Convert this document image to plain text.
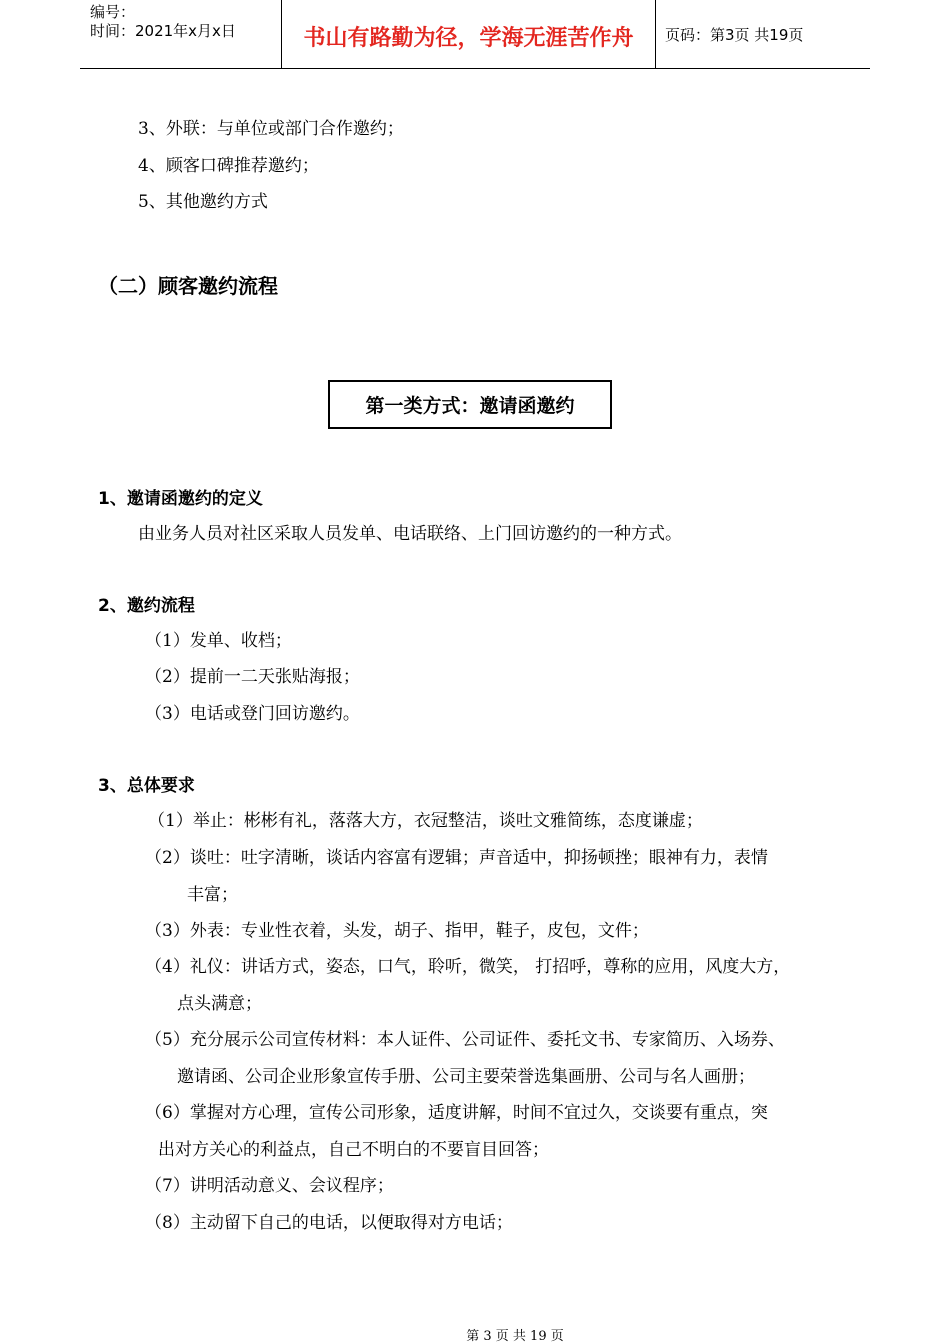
编号：
时间：2021年x月x日	书山有路勤为径，学海无涯苦作舟	页码：第3页 共19页
3、外联：与单位或部门合作邀约；
4、顾客口碑推荐邀约；
5、其他邀约方式
（二）顾客邀约流程
第一类方式：邀请函邀约
1、邀请函邀约的定义
由业务人员对社区采取人员发单、电话联络、上门回访邀约的一种方式。
2、邀约流程
（1）发单、收档；
（2）提前一二天张贴海报；
（3）电话或登门回访邀约。
3、总体要求
（1）举止：彬彬有礼，落落大方，衣冠整洁，谈吐文雅简练，态度谦虚；
（2）谈吐：吐字清晰，谈话内容富有逻辑；声音适中，抑扬顿挫；眼神有力，表情
丰富；
（3）外表：专业性衣着，头发，胡子、指甲，鞋子，皮包，文件；
（4）礼仪：讲话方式，姿态，口气，聆听，微笑， 打招呼，尊称的应用，风度大方，
点头满意；
（5）充分展示公司宣传材料：本人证件、公司证件、委托文书、专家简历、入场券、
邀请函、公司企业形象宣传手册、公司主要荣誉选集画册、公司与名人画册；
（6）掌握对方心理，宣传公司形象，适度讲解，时间不宜过久，交谈要有重点，突
出对方关心的利益点，自己不明白的不要盲目回答；
（7）讲明活动意义、会议程序；
（8）主动留下自己的电话，以便取得对方电话；
第 3 页 共 19 页
